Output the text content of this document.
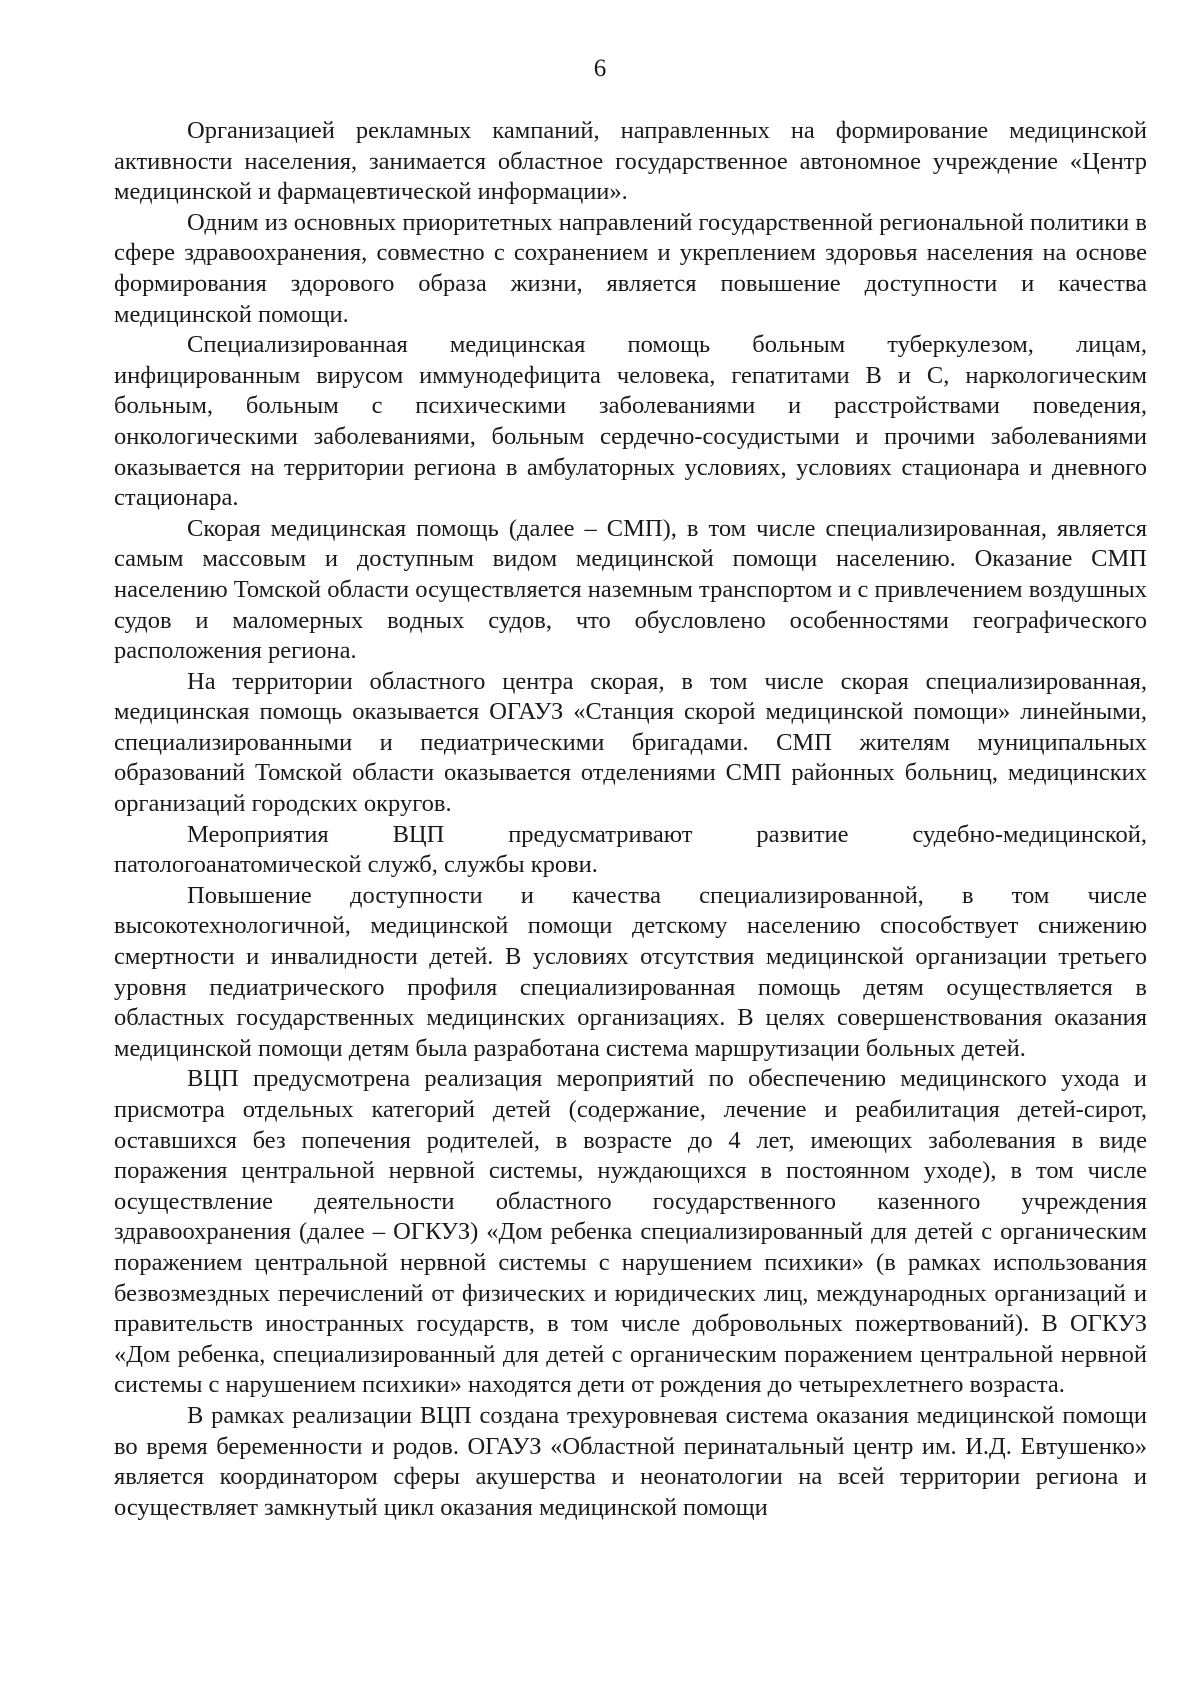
6

Организацией рекламных кампаний, направленных на формирование медицинской активности населения, занимается областное государственное автономное учреждение «Центр медицинской и фармацевтической информации».

Одним из основных приоритетных направлений государственной региональной политики в сфере здравоохранения, совместно с сохранением и укреплением здоровья населения на основе формирования здорового образа жизни, является повышение доступности и качества медицинской помощи.

Специализированная медицинская помощь больным туберкулезом, лицам, инфицированным вирусом иммунодефицита человека, гепатитами В и С, наркологическим больным, больным с психическими заболеваниями и расстройствами поведения, онкологическими заболеваниями, больным сердечно-сосудистыми и прочими заболеваниями оказывается на территории региона в амбулаторных условиях, условиях стационара и дневного стационара.

Скорая медицинская помощь (далее – СМП), в том числе специализированная, является самым массовым и доступным видом медицинской помощи населению. Оказание СМП населению Томской области осуществляется наземным транспортом и с привлечением воздушных судов и маломерных водных судов, что обусловлено особенностями географического расположения региона.

На территории областного центра скорая, в том числе скорая специализированная, медицинская помощь оказывается ОГАУЗ «Станция скорой медицинской помощи» линейными, специализированными и педиатрическими бригадами. СМП жителям муниципальных образований Томской области оказывается отделениями СМП районных больниц, медицинских организаций городских округов.

Мероприятия ВЦП предусматривают развитие судебно-медицинской, патологоанатомической служб, службы крови.

Повышение доступности и качества специализированной, в том числе высокотехнологичной, медицинской помощи детскому населению способствует снижению смертности и инвалидности детей. В условиях отсутствия медицинской организации третьего уровня педиатрического профиля специализированная помощь детям осуществляется в областных государственных медицинских организациях. В целях совершенствования оказания медицинской помощи детям была разработана система маршрутизации больных детей.

ВЦП предусмотрена реализация мероприятий по обеспечению медицинского ухода и присмотра отдельных категорий детей (содержание, лечение и реабилитация детей-сирот, оставшихся без попечения родителей, в возрасте до 4 лет, имеющих заболевания в виде поражения центральной нервной системы, нуждающихся в постоянном уходе), в том числе осуществление деятельности областного государственного казенного учреждения здравоохранения (далее – ОГКУЗ) «Дом ребенка специализированный для детей с органическим поражением центральной нервной системы с нарушением психики» (в рамках использования безвозмездных перечислений от физических и юридических лиц, международных организаций и правительств иностранных государств, в том числе добровольных пожертвований). В ОГКУЗ «Дом ребенка, специализированный для детей с органическим поражением центральной нервной системы с нарушением психики» находятся дети от рождения до четырехлетнего возраста.

В рамках реализации ВЦП создана трехуровневая система оказания медицинской помощи во время беременности и родов. ОГАУЗ «Областной перинатальный центр им. И.Д. Евтушенко» является координатором сферы акушерства и неонатологии на всей территории региона и осуществляет замкнутый цикл оказания медицинской помощи
